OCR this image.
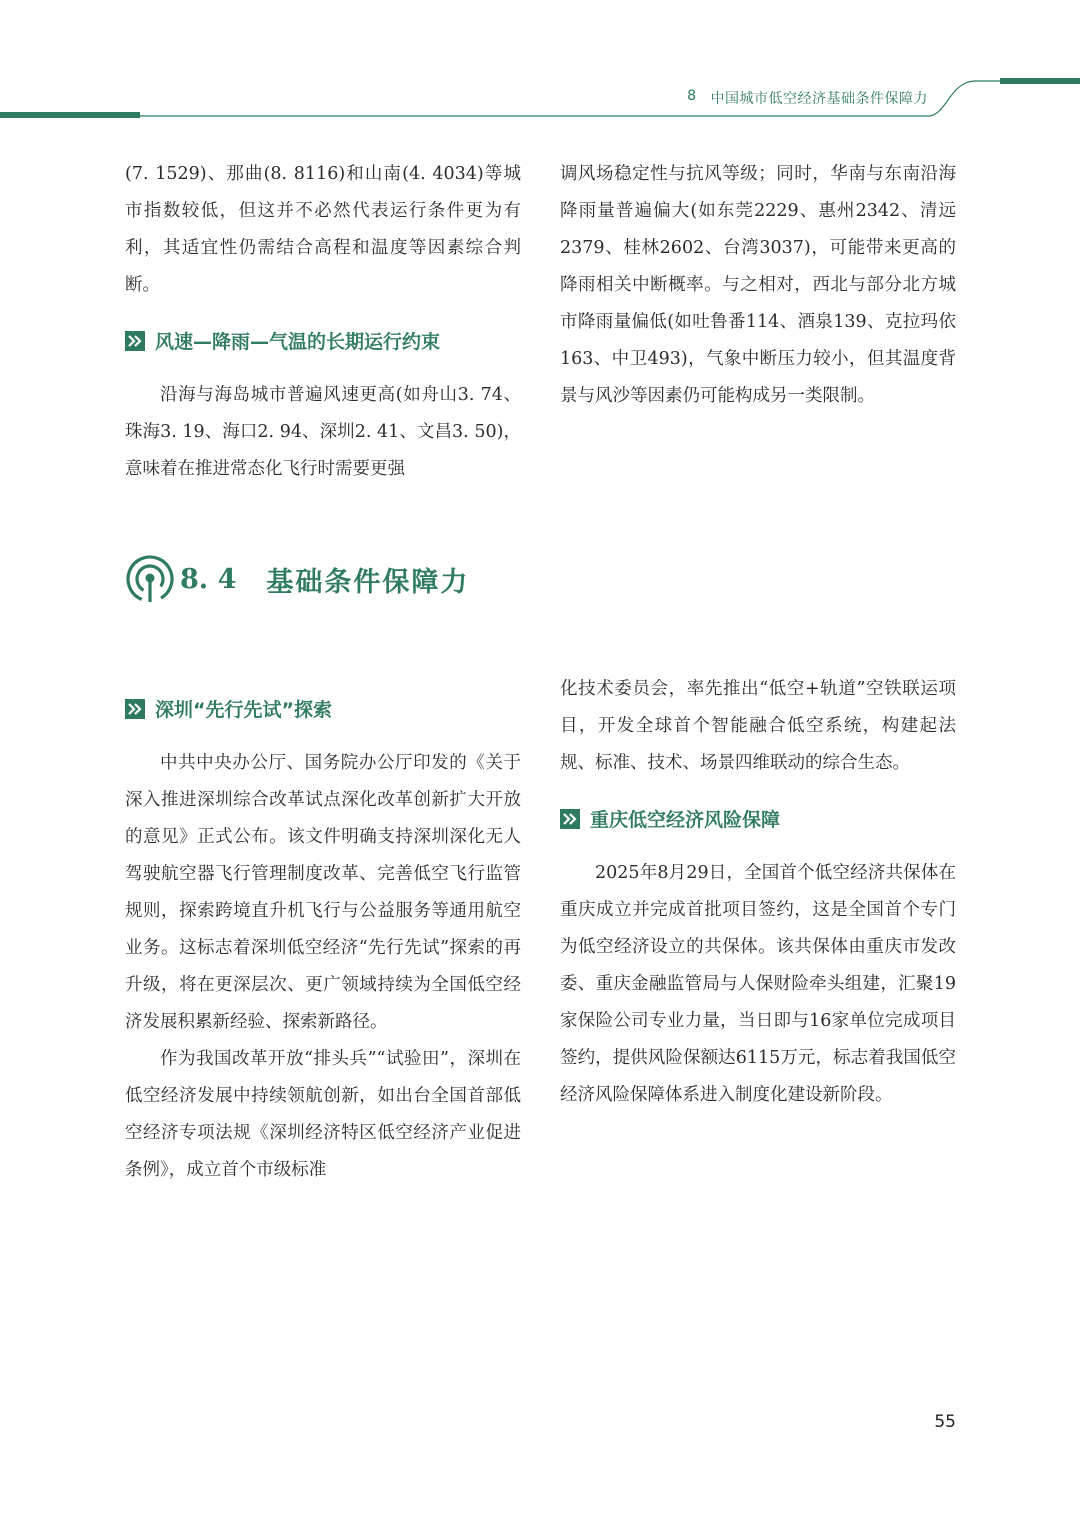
8 中国城市低空经济基础条件保障力

(7. 1529)、那曲(8. 8116)和山南(4. 4034)等城市指数较低，但这并不必然代表运行条件更为有利，其适宜性仍需结合高程和温度等因素综合判断。

风速—降雨—气温的长期运行约束

沿海与海岛城市普遍风速更高(如舟山3. 74、珠海3. 19、海口2. 94、深圳2. 41、文昌3. 50)，意味着在推进常态化飞行时需要更强

调风场稳定性与抗风等级；同时，华南与东南沿海降雨量普遍偏大(如东莞2229、惠州2342、清远2379、桂林2602、台湾3037)，可能带来更高的降雨相关中断概率。与之相对，西北与部分北方城市降雨量偏低(如吐鲁番114、酒泉139、克拉玛依163、中卫493)，气象中断压力较小，但其温度背景与风沙等因素仍可能构成另一类限制。

8. 4 基础条件保障力
深圳“先行先试”探索

中共中央办公厅、国务院办公厅印发的《关于深入推进深圳综合改革试点深化改革创新扩大开放的意见》正式公布。该文件明确支持深圳深化无人驾驶航空器飞行管理制度改革、完善低空飞行监管规则，探索跨境直升机飞行与公益服务等通用航空业务。这标志着深圳低空经济“先行先试”探索的再升级，将在更深层次、更广领域持续为全国低空经济发展积累新经验、探索新路径。

作为我国改革开放“排头兵”“试验田”，深圳在低空经济发展中持续领航创新，如出台全国首部低空经济专项法规《深圳经济特区低空经济产业促进条例》，成立首个市级标准

化技术委员会，率先推出“低空+轨道”空铁联运项目，开发全球首个智能融合低空系统，构建起法规、标准、技术、场景四维联动的综合生态。

重庆低空经济风险保障

2025年8月29日，全国首个低空经济共保体在重庆成立并完成首批项目签约，这是全国首个专门为低空经济设立的共保体。该共保体由重庆市发改委、重庆金融监管局与人保财险牵头组建，汇聚19家保险公司专业力量，当日即与16家单位完成项目签约，提供风险保额达6115万元，标志着我国低空经济风险保障体系进入制度化建设新阶段。

55
